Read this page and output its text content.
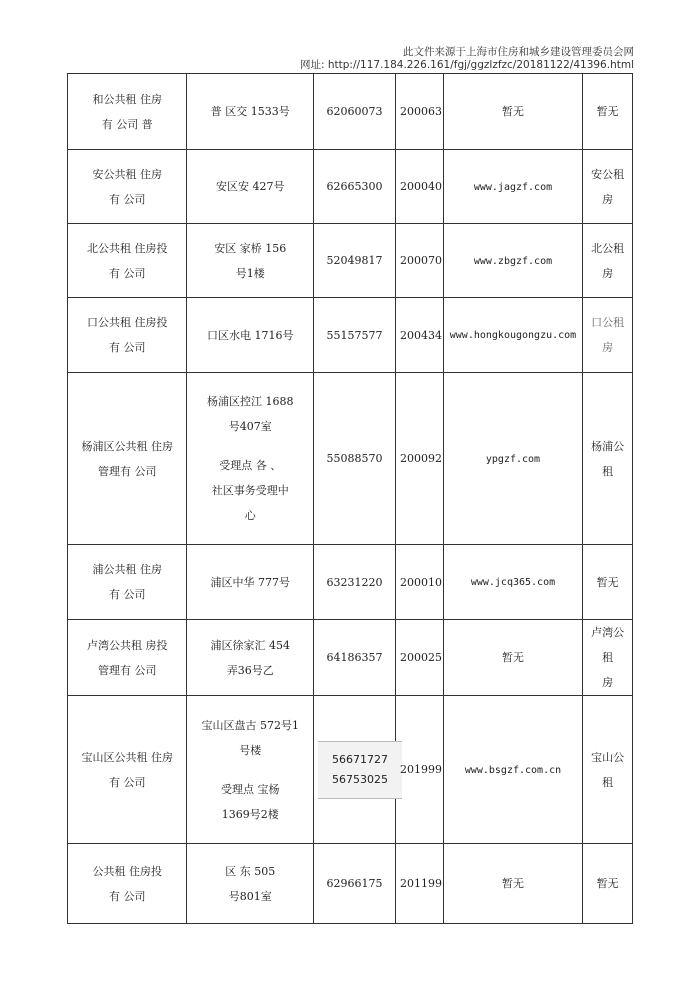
此文件来源于上海市住房和城乡建设管理委员会网
网址: http://117.184.226.161/fgj/ggzlzfzc/20181122/41396.html
和公共租 住房
有 公司 普	普 区交 1533号	62060073	200063	暂无	暂无

安公共租 住房
有 公司	安区安 427号	62665300	200040	www.jagzf.com	安公租
房

北公共租 住房投
有 公司	安区 家桥 156
号1楼	52049817	200070	www.zbgzf.com	北公租
房

口公共租 住房投
有 公司	口区水电 1716号	55157577	200434	www.hongkougongzu.com	口公租
房

杨浦区公共租 住房
管理有 公司	杨浦区控江 1688
号407室
受理点 各 、
社区事务受理中
心	55088570	200092	ypgzf.com	杨浦公租

浦公共租 住房
有 公司	浦区中华 777号	63231220	200010	www.jcq365.com	暂无

卢湾公共租 房投
管理有 公司	浦区徐家汇 454
弄36号乙	64186357	200025	暂无	卢湾公租
房

宝山区公共租 住房
有 公司	宝山区盘古 572号1
号楼
受理点 宝杨
1369号2楼	56671727
56753025	201999	www.bsgzf.com.cn	宝山公租

公共租 住房投
有 公司	区 东 505
号801室	62966175	201199	暂无	暂无
